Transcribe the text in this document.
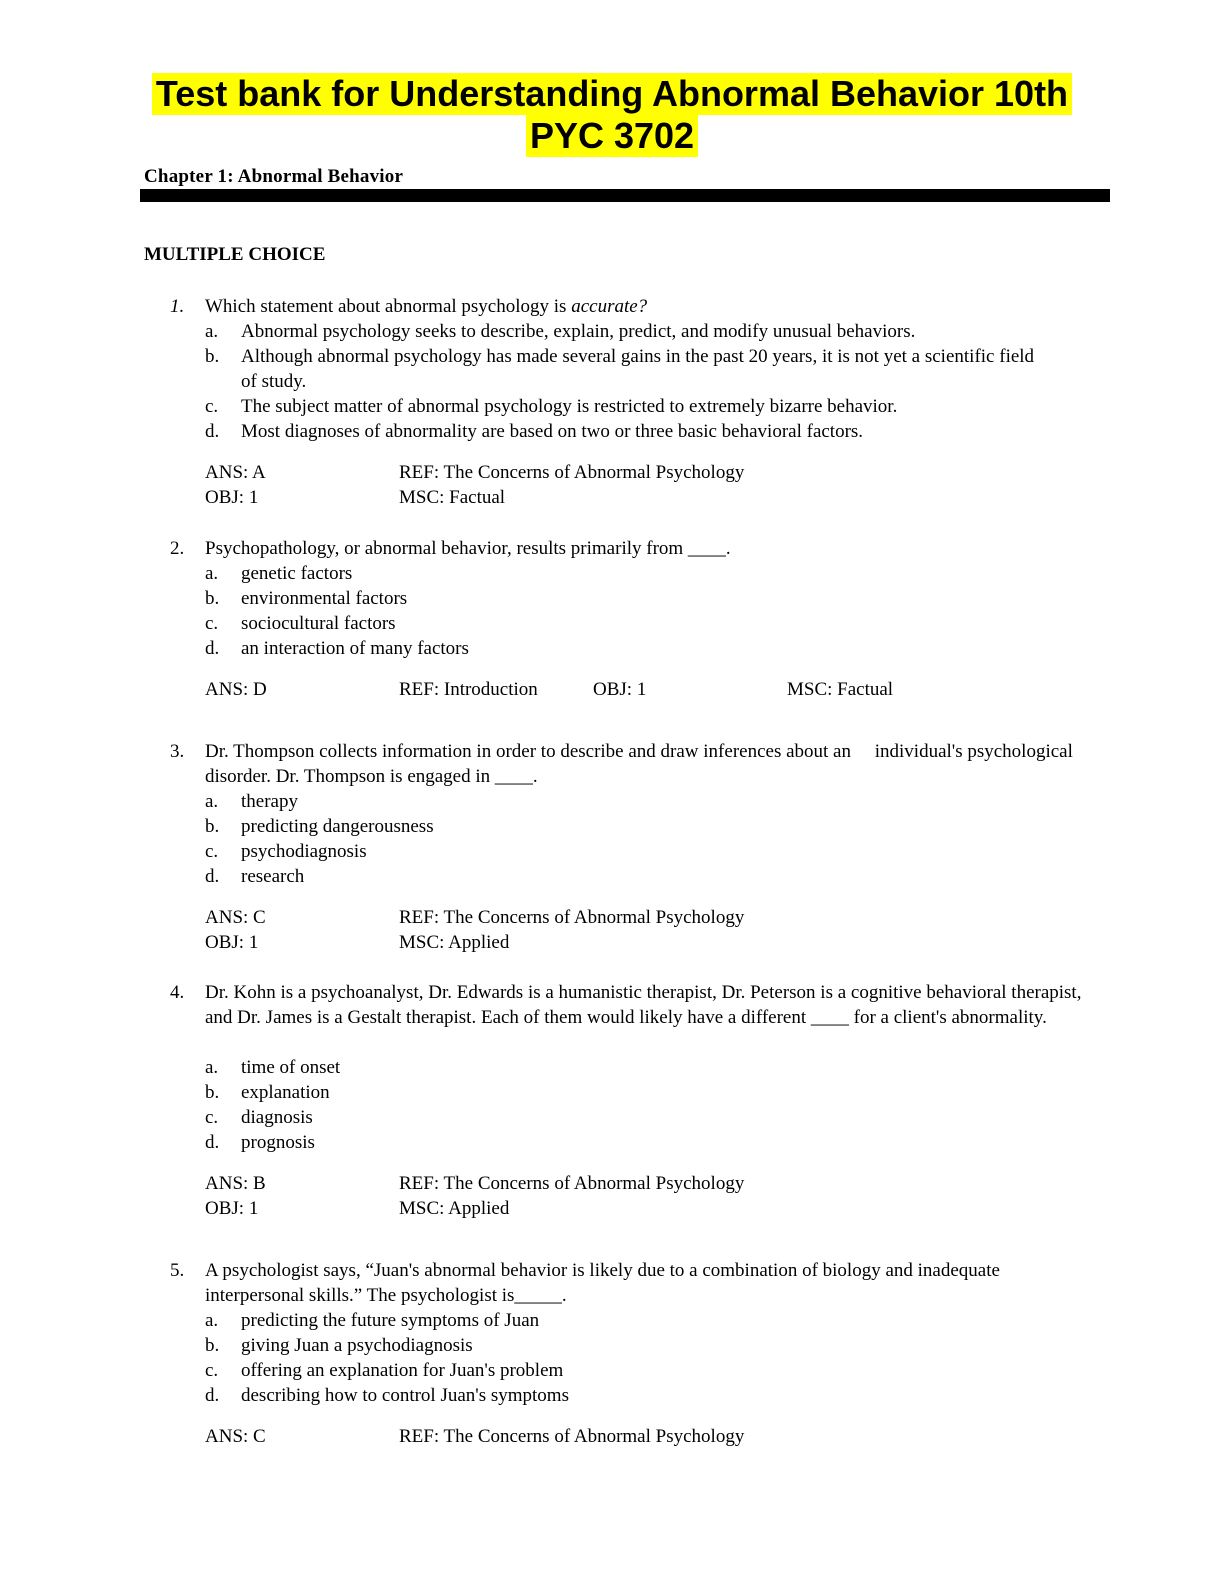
Test bank for Understanding Abnormal Behavior 10th
PYC 3702
Chapter 1: Abnormal Behavior
MULTIPLE CHOICE
1. Which statement about abnormal psychology is accurate?
a. Abnormal psychology seeks to describe, explain, predict, and modify unusual behaviors.
b. Although abnormal psychology has made several gains in the past 20 years, it is not yet a scientific field of study.
c. The subject matter of abnormal psychology is restricted to extremely bizarre behavior.
d. Most diagnoses of abnormality are based on two or three basic behavioral factors.
ANS: A	REF: The Concerns of Abnormal Psychology
OBJ: 1	MSC: Factual
2. Psychopathology, or abnormal behavior, results primarily from ____.
a. genetic factors
b. environmental factors
c. sociocultural factors
d. an interaction of many factors
ANS: D	REF: Introduction	OBJ: 1	MSC: Factual
3. Dr. Thompson collects information in order to describe and draw inferences about an     individual's psychological disorder. Dr. Thompson is engaged in ____.
a. therapy
b. predicting dangerousness
c. psychodiagnosis
d. research
ANS: C	REF: The Concerns of Abnormal Psychology
OBJ: 1	MSC: Applied
4. Dr. Kohn is a psychoanalyst, Dr. Edwards is a humanistic therapist, Dr. Peterson is a cognitive behavioral therapist, and Dr. James is a Gestalt therapist. Each of them would likely have a different ____ for a client's abnormality.
a. time of onset
b. explanation
c. diagnosis
d. prognosis
ANS: B	REF: The Concerns of Abnormal Psychology
OBJ: 1	MSC: Applied
5. A psychologist says, “Juan's abnormal behavior is likely due to a combination of biology and inadequate interpersonal skills.” The psychologist is_____.
a. predicting the future symptoms of Juan
b. giving Juan a psychodiagnosis
c. offering an explanation for Juan's problem
d. describing how to control Juan's symptoms
ANS: C	REF: The Concerns of Abnormal Psychology
